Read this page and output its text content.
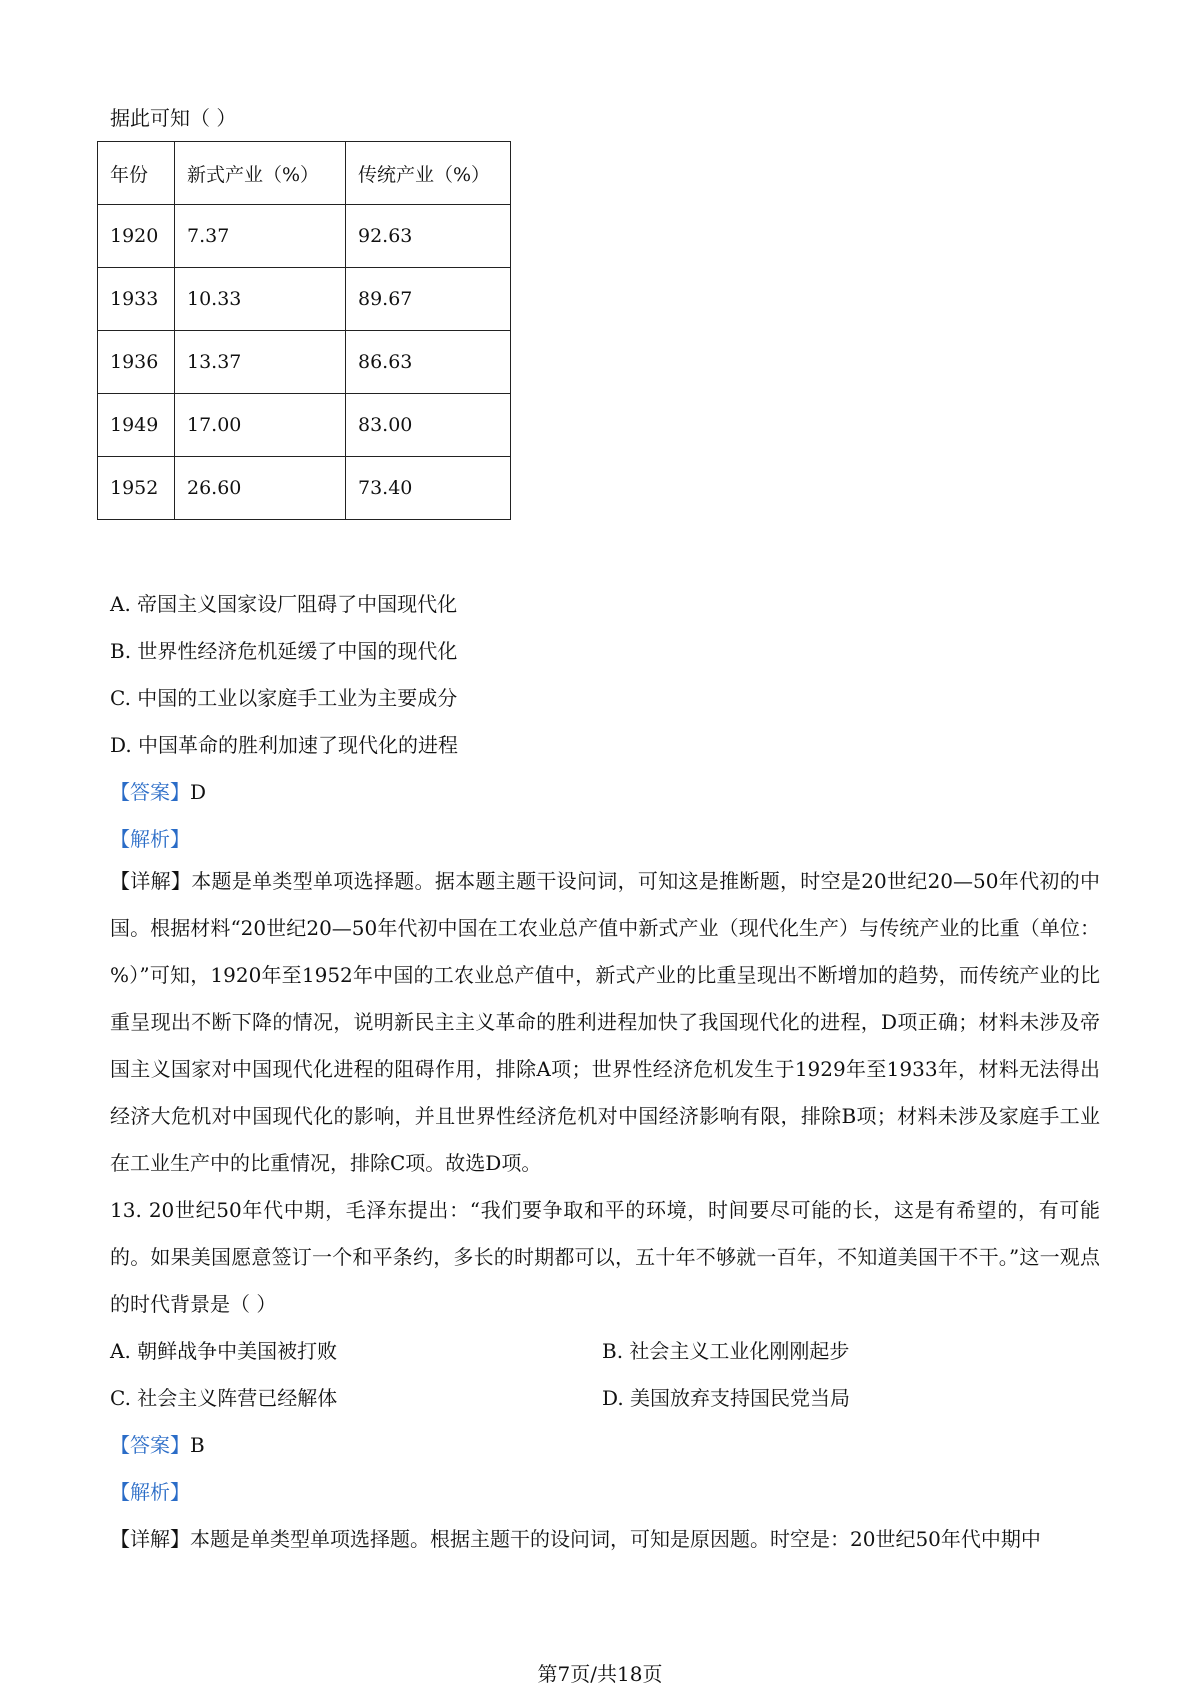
据此可知（ ）
年份	新式产业（%）	传统产业（%）
1920	7.37	92.63
1933	10.33	89.67
1936	13.37	86.63
1949	17.00	83.00
1952	26.60	73.40
A. 帝国主义国家设厂阻碍了中国现代化
B. 世界性经济危机延缓了中国的现代化
C. 中国的工业以家庭手工业为主要成分
D. 中国革命的胜利加速了现代化的进程
【答案】D
【解析】
【详解】本题是单类型单项选择题。据本题主题干设问词，可知这是推断题，时空是20世纪20—50年代初的中国。根据材料“20世纪20—50年代初中国在工农业总产值中新式产业（现代化生产）与传统产业的比重（单位：%）”可知，1920年至1952年中国的工农业总产值中，新式产业的比重呈现出不断增加的趋势，而传统产业的比重呈现出不断下降的情况，说明新民主主义革命的胜利进程加快了我国现代化的进程，D项正确；材料未涉及帝国主义国家对中国现代化进程的阻碍作用，排除A项；世界性经济危机发生于1929年至1933年，材料无法得出经济大危机对中国现代化的影响，并且世界性经济危机对中国经济影响有限，排除B项；材料未涉及家庭手工业在工业生产中的比重情况，排除C项。故选D项。
13. 20世纪50年代中期，毛泽东提出：“我们要争取和平的环境，时间要尽可能的长，这是有希望的，有可能的。如果美国愿意签订一个和平条约，多长的时期都可以，五十年不够就一百年，不知道美国干不干。”这一观点的时代背景是（ ）
A. 朝鲜战争中美国被打败	B. 社会主义工业化刚刚起步
C. 社会主义阵营已经解体	D. 美国放弃支持国民党当局
【答案】B
【解析】
【详解】本题是单类型单项选择题。根据主题干的设问词，可知是原因题。时空是：20世纪50年代中期中
第7页/共18页
